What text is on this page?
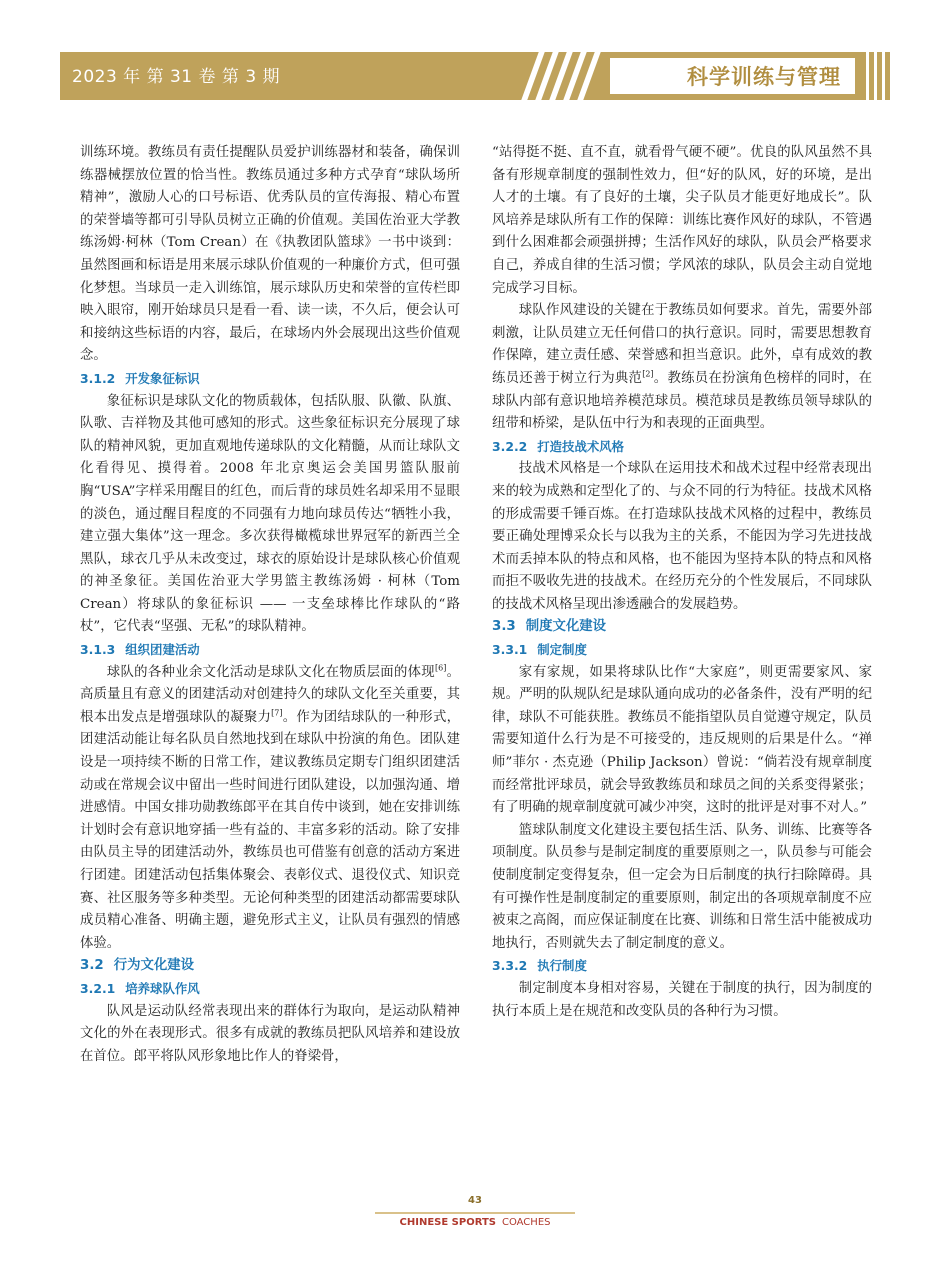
2023 年 第 31 卷 第 3 期	科学训练与管理

训练环境。教练员有责任提醒队员爱护训练器材和装备，确保训练器械摆放位置的恰当性。教练员通过多种方式孕育“球队场所精神”，激励人心的口号标语、优秀队员的宣传海报、精心布置的荣誉墙等都可引导队员树立正确的价值观。美国佐治亚大学教练汤姆·柯林（Tom Crean）在《执教团队篮球》一书中谈到：虽然图画和标语是用来展示球队价值观的一种廉价方式，但可强化梦想。当球员一走入训练馆，展示球队历史和荣誉的宣传栏即映入眼帘，刚开始球员只是看一看、读一读，不久后，便会认可和接纳这些标语的内容，最后，在球场内外会展现出这些价值观念。

3.1.2 开发象征标识

象征标识是球队文化的物质载体，包括队服、队徽、队旗、队歌、吉祥物及其他可感知的形式。这些象征标识充分展现了球队的精神风貌，更加直观地传递球队的文化精髓，从而让球队文化看得见、摸得着。2008 年北京奥运会美国男篮队服前胸“USA”字样采用醒目的红色，而后背的球员姓名却采用不显眼的淡色，通过醒目程度的不同强有力地向球员传达“牺牲小我，建立强大集体”这一理念。多次获得橄榄球世界冠军的新西兰全黑队，球衣几乎从未改变过，球衣的原始设计是球队核心价值观的神圣象征。美国佐治亚大学男篮主教练汤姆 · 柯林（Tom Crean）将球队的象征标识 —— 一支垒球棒比作球队的“路杖”，它代表“坚强、无私”的球队精神。

3.1.3 组织团建活动

球队的各种业余文化活动是球队文化在物质层面的体现[6]。高质量且有意义的团建活动对创建持久的球队文化至关重要，其根本出发点是增强球队的凝聚力[7]。作为团结球队的一种形式，团建活动能让每名队员自然地找到在球队中扮演的角色。团队建设是一项持续不断的日常工作，建议教练员定期专门组织团建活动或在常规会议中留出一些时间进行团队建设，以加强沟通、增进感情。中国女排功勋教练郎平在其自传中谈到，她在安排训练计划时会有意识地穿插一些有益的、丰富多彩的活动。除了安排由队员主导的团建活动外，教练员也可借鉴有创意的活动方案进行团建。团建活动包括集体聚会、表彰仪式、退役仪式、知识竞赛、社区服务等多种类型。无论何种类型的团建活动都需要球队成员精心准备、明确主题，避免形式主义，让队员有强烈的情感体验。

3.2 行为文化建设
3.2.1 培养球队作风

队风是运动队经常表现出来的群体行为取向，是运动队精神文化的外在表现形式。很多有成就的教练员把队风培养和建设放在首位。郎平将队风形象地比作人的脊梁骨，

“站得挺不挺、直不直，就看骨气硬不硬”。优良的队风虽然不具备有形规章制度的强制性效力，但“好的队风，好的环境，是出人才的土壤。有了良好的土壤，尖子队员才能更好地成长”。队风培养是球队所有工作的保障：训练比赛作风好的球队，不管遇到什么困难都会顽强拼搏；生活作风好的球队，队员会严格要求自己，养成自律的生活习惯；学风浓的球队，队员会主动自觉地完成学习目标。

球队作风建设的关键在于教练员如何要求。首先，需要外部刺激，让队员建立无任何借口的执行意识。同时，需要思想教育作保障，建立责任感、荣誉感和担当意识。此外，卓有成效的教练员还善于树立行为典范[2]。教练员在扮演角色榜样的同时，在球队内部有意识地培养模范球员。模范球员是教练员领导球队的纽带和桥梁，是队伍中行为和表现的正面典型。

3.2.2 打造技战术风格

技战术风格是一个球队在运用技术和战术过程中经常表现出来的较为成熟和定型化了的、与众不同的行为特征。技战术风格的形成需要千锤百炼。在打造球队技战术风格的过程中，教练员要正确处理博采众长与以我为主的关系，不能因为学习先进技战术而丢掉本队的特点和风格，也不能因为坚持本队的特点和风格而拒不吸收先进的技战术。在经历充分的个性发展后，不同球队的技战术风格呈现出渗透融合的发展趋势。

3.3 制度文化建设
3.3.1 制定制度

家有家规，如果将球队比作“大家庭”，则更需要家风、家规。严明的队规队纪是球队通向成功的必备条件，没有严明的纪律，球队不可能获胜。教练员不能指望队员自觉遵守规定，队员需要知道什么行为是不可接受的，违反规则的后果是什么。“禅师”菲尔 · 杰克逊（Philip Jackson）曾说：“倘若没有规章制度而经常批评球员，就会导致教练员和球员之间的关系变得紧张；有了明确的规章制度就可减少冲突，这时的批评是对事不对人。”

篮球队制度文化建设主要包括生活、队务、训练、比赛等各项制度。队员参与是制定制度的重要原则之一，队员参与可能会使制度制定变得复杂，但一定会为日后制度的执行扫除障碍。具有可操作性是制度制定的重要原则，制定出的各项规章制度不应被束之高阁，而应保证制度在比赛、训练和日常生活中能被成功地执行，否则就失去了制定制度的意义。

3.3.2 执行制度

制定制度本身相对容易，关键在于制度的执行，因为制度的执行本质上是在规范和改变队员的各种行为习惯。

43
CHINESE SPORTS COACHES
